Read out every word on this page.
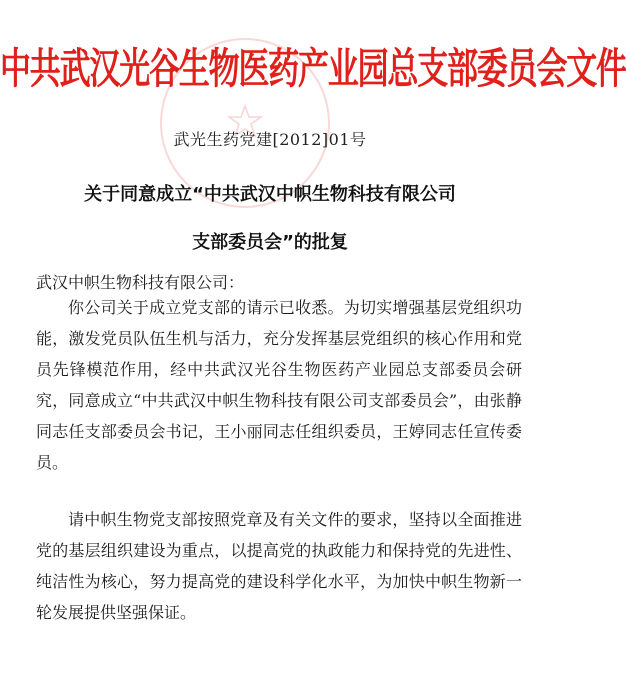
中共武汉光谷生物医药产业园总支部委员会文件
武光生药党建[2012]01号
关于同意成立“中共武汉中帜生物科技有限公司
支部委员会”的批复
武汉中帜生物科技有限公司：

你公司关于成立党支部的请示已收悉。为切实增强基层党组织功能，激发党员队伍生机与活力，充分发挥基层党组织的核心作用和党员先锋模范作用，经中共武汉光谷生物医药产业园总支部委员会研究，同意成立“中共武汉中帜生物科技有限公司支部委员会”，由张静同志任支部委员会书记，王小丽同志任组织委员，王婷同志任宣传委员。

请中帜生物党支部按照党章及有关文件的要求，坚持以全面推进党的基层组织建设为重点，以提高党的执政能力和保持党的先进性、纯洁性为核心，努力提高党的建设科学化水平，为加快中帜生物新一轮发展提供坚强保证。
